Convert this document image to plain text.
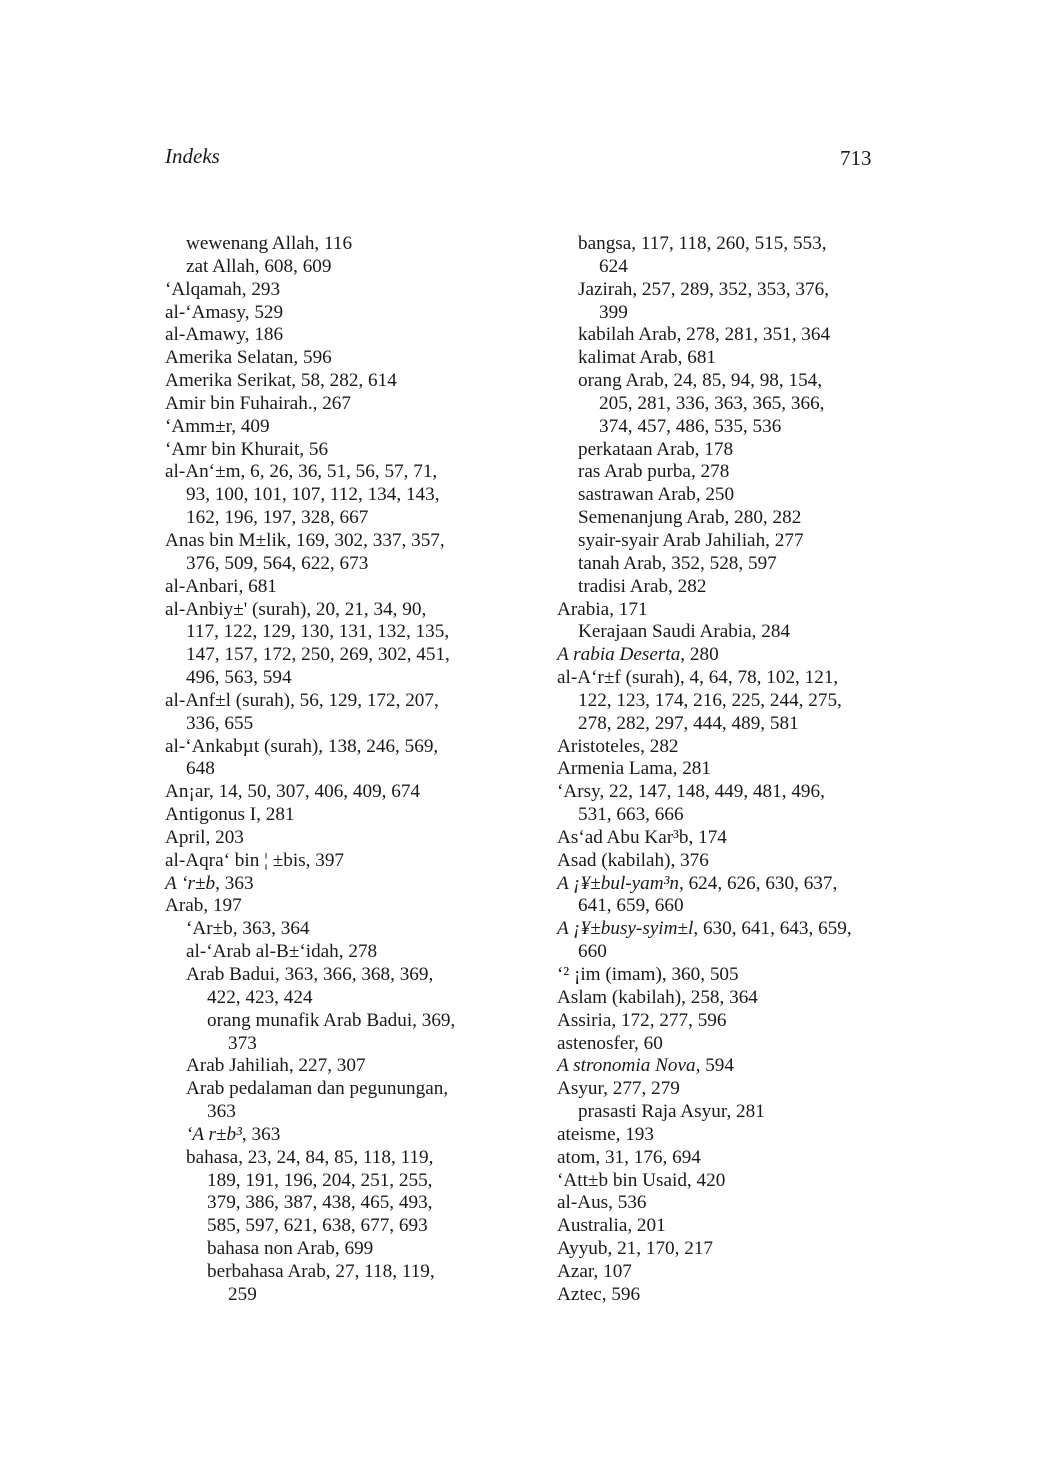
Indeks	713
wewenang Allah, 116
zat Allah, 608, 609
‘Alqamah, 293
al-‘Amasy, 529
al-Amawy, 186
Amerika Selatan, 596
Amerika Serikat, 58, 282, 614
Amir bin Fuhairah., 267
‘Amm±r, 409
‘Amr bin Khurait, 56
al-An‘±m, 6, 26, 36, 51, 56, 57, 71,
93, 100, 101, 107, 112, 134, 143,
162, 196, 197, 328, 667
Anas bin M±lik, 169, 302, 337, 357,
376, 509, 564, 622, 673
al-Anbari, 681
al-Anbiy±' (surah), 20, 21, 34, 90,
117, 122, 129, 130, 131, 132, 135,
147, 157, 172, 250, 269, 302, 451,
496, 563, 594
al-Anf±l (surah), 56, 129, 172, 207,
336, 655
al-‘Ankabµt (surah), 138, 246, 569,
648
An¡ar, 14, 50, 307, 406, 409, 674
Antigonus I, 281
April, 203
al-Aqra‘ bin ¦ ±bis, 397
A ‘r±b, 363
Arab, 197
‘Ar±b, 363, 364
al-‘Arab al-B±‘idah, 278
Arab Badui, 363, 366, 368, 369,
422, 423, 424
orang munafik Arab Badui, 369,
373
Arab Jahiliah, 227, 307
Arab pedalaman dan pegunungan,
363
‘A r±b³, 363
bahasa, 23, 24, 84, 85, 118, 119,
189, 191, 196, 204, 251, 255,
379, 386, 387, 438, 465, 493,
585, 597, 621, 638, 677, 693
bahasa non Arab, 699
berbahasa Arab, 27, 118, 119,
259
bangsa, 117, 118, 260, 515, 553,
624
Jazirah, 257, 289, 352, 353, 376,
399
kabilah Arab, 278, 281, 351, 364
kalimat Arab, 681
orang Arab, 24, 85, 94, 98, 154,
205, 281, 336, 363, 365, 366,
374, 457, 486, 535, 536
perkataan Arab, 178
ras Arab purba, 278
sastrawan Arab, 250
Semenanjung Arab, 280, 282
syair-syair Arab Jahiliah, 277
tanah Arab, 352, 528, 597
tradisi Arab, 282
Arabia, 171
Kerajaan Saudi Arabia, 284
A rabia Deserta, 280
al-A‘r±f (surah), 4, 64, 78, 102, 121,
122, 123, 174, 216, 225, 244, 275,
278, 282, 297, 444, 489, 581
Aristoteles, 282
Armenia Lama, 281
‘Arsy, 22, 147, 148, 449, 481, 496,
531, 663, 666
As‘ad Abu Kar³b, 174
Asad (kabilah), 376
A ¡¥±bul-yam³n, 624, 626, 630, 637,
641, 659, 660
A ¡¥±busy-syim±l, 630, 641, 643, 659,
660
‘² ¡im (imam), 360, 505
Aslam (kabilah), 258, 364
Assiria, 172, 277, 596
astenosfer, 60
A stronomia Nova, 594
Asyur, 277, 279
prasasti Raja Asyur, 281
ateisme, 193
atom, 31, 176, 694
‘Att±b bin Usaid, 420
al-Aus, 536
Australia, 201
Ayyub, 21, 170, 217
Azar, 107
Aztec, 596
